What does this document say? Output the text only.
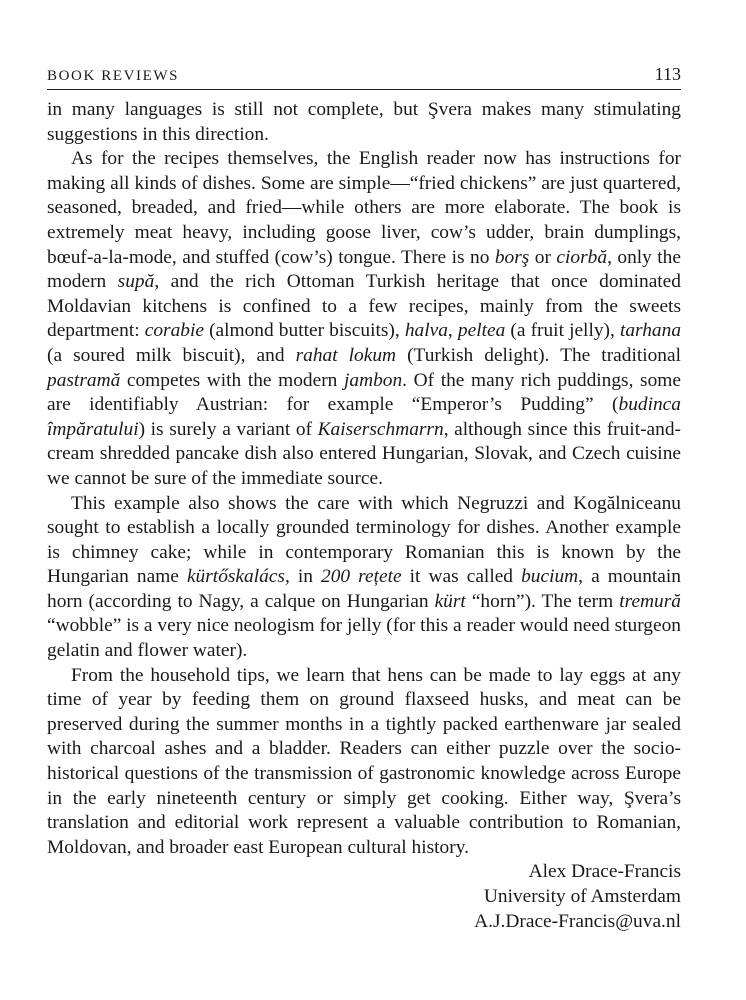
BOOK REVIEWS	113

in many languages is still not complete, but Şvera makes many stimulating suggestions in this direction.

As for the recipes themselves, the English reader now has instructions for making all kinds of dishes. Some are simple—“fried chickens” are just quartered, seasoned, breaded, and fried—while others are more elaborate. The book is extremely meat heavy, including goose liver, cow’s udder, brain dumplings, bœuf-a-la-mode, and stuffed (cow’s) tongue. There is no borş or ciorbă, only the modern supă, and the rich Ottoman Turkish heritage that once dominated Moldavian kitchens is confined to a few recipes, mainly from the sweets department: corabie (almond butter biscuits), halva, peltea (a fruit jelly), tarhana (a soured milk biscuit), and rahat lokum (Turkish delight). The traditional pastramă competes with the modern jambon. Of the many rich puddings, some are identifiably Austrian: for example “Emperor’s Pudding” (budinca împăratului) is surely a variant of Kaiserschmarrn, although since this fruit-and-cream shredded pancake dish also entered Hungarian, Slovak, and Czech cuisine we cannot be sure of the immediate source.

This example also shows the care with which Negruzzi and Kogălniceanu sought to establish a locally grounded terminology for dishes. Another example is chimney cake; while in contemporary Romanian this is known by the Hungarian name kürtőskalács, in 200 rețete it was called bucium, a mountain horn (according to Nagy, a calque on Hungarian kürt “horn”). The term tremură “wobble” is a very nice neologism for jelly (for this a reader would need sturgeon gelatin and flower water).

From the household tips, we learn that hens can be made to lay eggs at any time of year by feeding them on ground flaxseed husks, and meat can be preserved during the summer months in a tightly packed earthenware jar sealed with charcoal ashes and a bladder. Readers can either puzzle over the socio-historical questions of the transmission of gastronomic knowledge across Europe in the early nineteenth century or simply get cooking. Either way, Şvera’s translation and editorial work represent a valuable contribution to Romanian, Moldovan, and broader east European cultural history.

Alex Drace-Francis
University of Amsterdam
A.J.Drace-Francis@uva.nl
